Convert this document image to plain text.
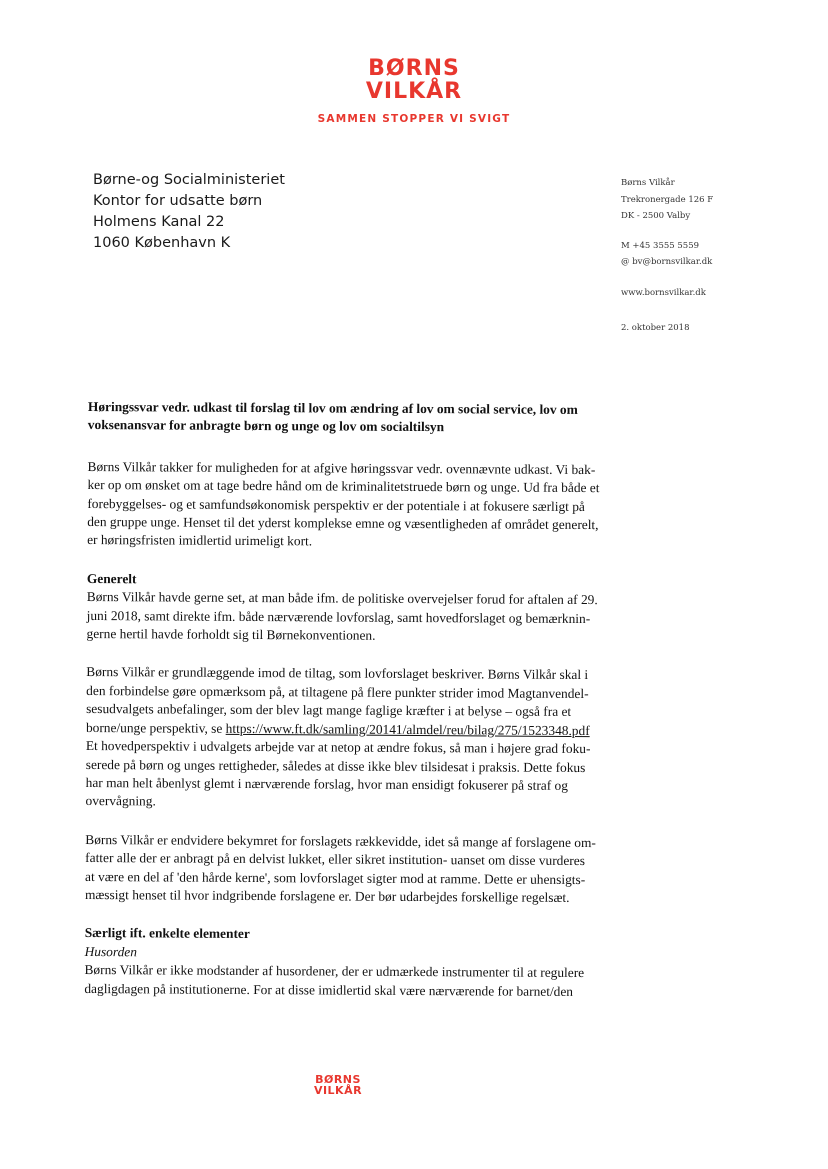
BØRNS
VILKÅR
SAMMEN STOPPER VI SVIGT
Børne-og Socialministeriet
Kontor for udsatte børn
Holmens Kanal 22
1060 København K
Børns Vilkår
Trekronergade 126 F
DK - 2500 Valby
M +45 3555 5559
@ bv@bornsvilkar.dk
www.bornsvilkar.dk
2. oktober 2018
Høringssvar vedr. udkast til forslag til lov om ændring af lov om social service, lov om
voksenansvar for anbragte børn og unge og lov om socialtilsyn
Børns Vilkår takker for muligheden for at afgive høringssvar vedr. ovennævnte udkast. Vi bak-
ker op om ønsket om at tage bedre hånd om de kriminalitetstruede børn og unge. Ud fra både et
forebyggelses- og et samfundsøkonomisk perspektiv er der potentiale i at fokusere særligt på
den gruppe unge. Henset til det yderst komplekse emne og væsentligheden af området generelt,
er høringsfristen imidlertid urimeligt kort.
Generelt
Børns Vilkår havde gerne set, at man både ifm. de politiske overvejelser forud for aftalen af 29.
juni 2018, samt direkte ifm. både nærværende lovforslag, samt hovedforslaget og bemærknin-
gerne hertil havde forholdt sig til Børnekonventionen.
Børns Vilkår er grundlæggende imod de tiltag, som lovforslaget beskriver. Børns Vilkår skal i
den forbindelse gøre opmærksom på, at tiltagene på flere punkter strider imod Magtanvendel-
sesudvalgets anbefalinger, som der blev lagt mange faglige kræfter i at belyse – også fra et
borne/unge perspektiv, se https://www.ft.dk/samling/20141/almdel/reu/bilag/275/1523348.pdf
Et hovedperspektiv i udvalgets arbejde var at netop at ændre fokus, så man i højere grad foku-
serede på børn og unges rettigheder, således at disse ikke blev tilsidesat i praksis. Dette fokus
har man helt åbenlyst glemt i nærværende forslag, hvor man ensidigt fokuserer på straf og
overvågning.
Børns Vilkår er endvidere bekymret for forslagets rækkevidde, idet så mange af forslagene om-
fatter alle der er anbragt på en delvist lukket, eller sikret institution- uanset om disse vurderes
at være en del af 'den hårde kerne', som lovforslaget sigter mod at ramme. Dette er uhensigts-
mæssigt henset til hvor indgribende forslagene er. Der bør udarbejdes forskellige regelsæt.
Særligt ift. enkelte elementer
Husorden
Børns Vilkår er ikke modstander af husordener, der er udmærkede instrumenter til at regulere
dagligdagen på institutionerne. For at disse imidlertid skal være nærværende for barnet/den
BØRNS
VILKÅR
